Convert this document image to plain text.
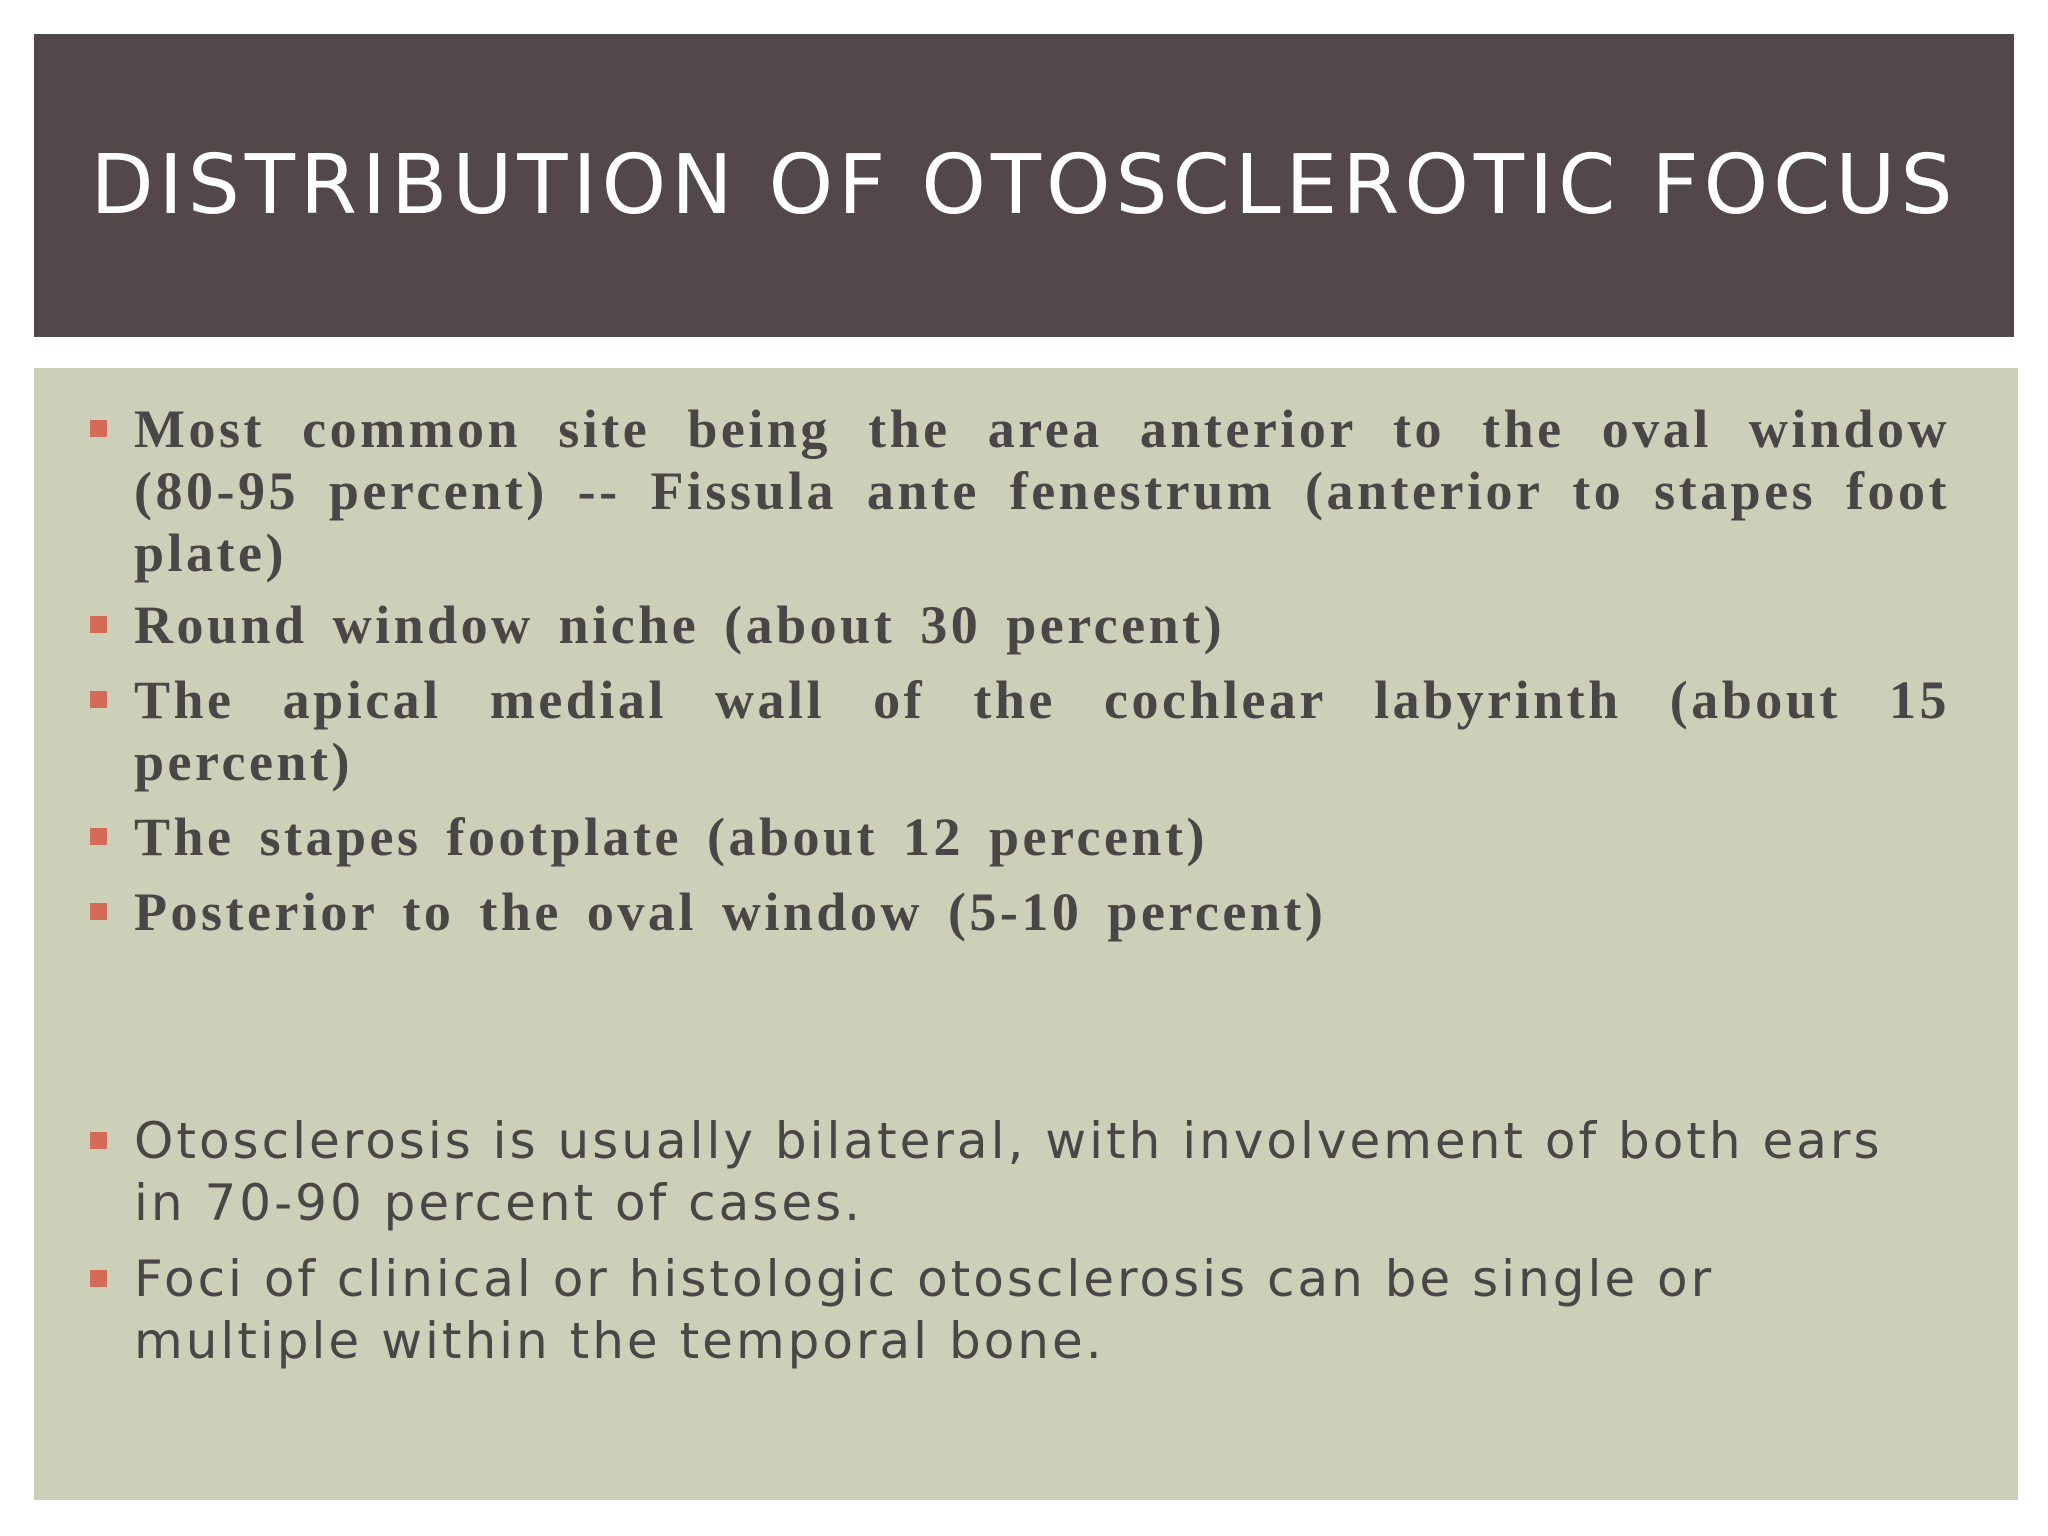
DISTRIBUTION OF OTOSCLEROTIC FOCUS
Most common site being the area anterior to the oval window (80-95 percent) -- Fissula ante fenestrum (anterior to stapes foot plate)
Round window niche (about 30 percent)
The apical medial wall of the cochlear labyrinth (about 15 percent)
The stapes footplate (about 12 percent)
Posterior to the oval window (5-10 percent)
Otosclerosis is usually bilateral, with involvement of both ears in 70-90 percent of cases.
Foci of clinical or histologic otosclerosis can be single or multiple within the temporal bone.
